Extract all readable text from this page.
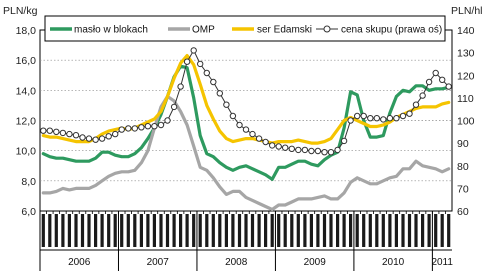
6,0
8,0
10,0
12,0
14,0
16,0
18,0
60
70
80
90
100
110
120
130
140
2006	2007	2008	2009	2010	2011
PLN/kg	PLN/hl
masło w blokach	OMP	ser Edamski	cena skupu (prawa oś)
